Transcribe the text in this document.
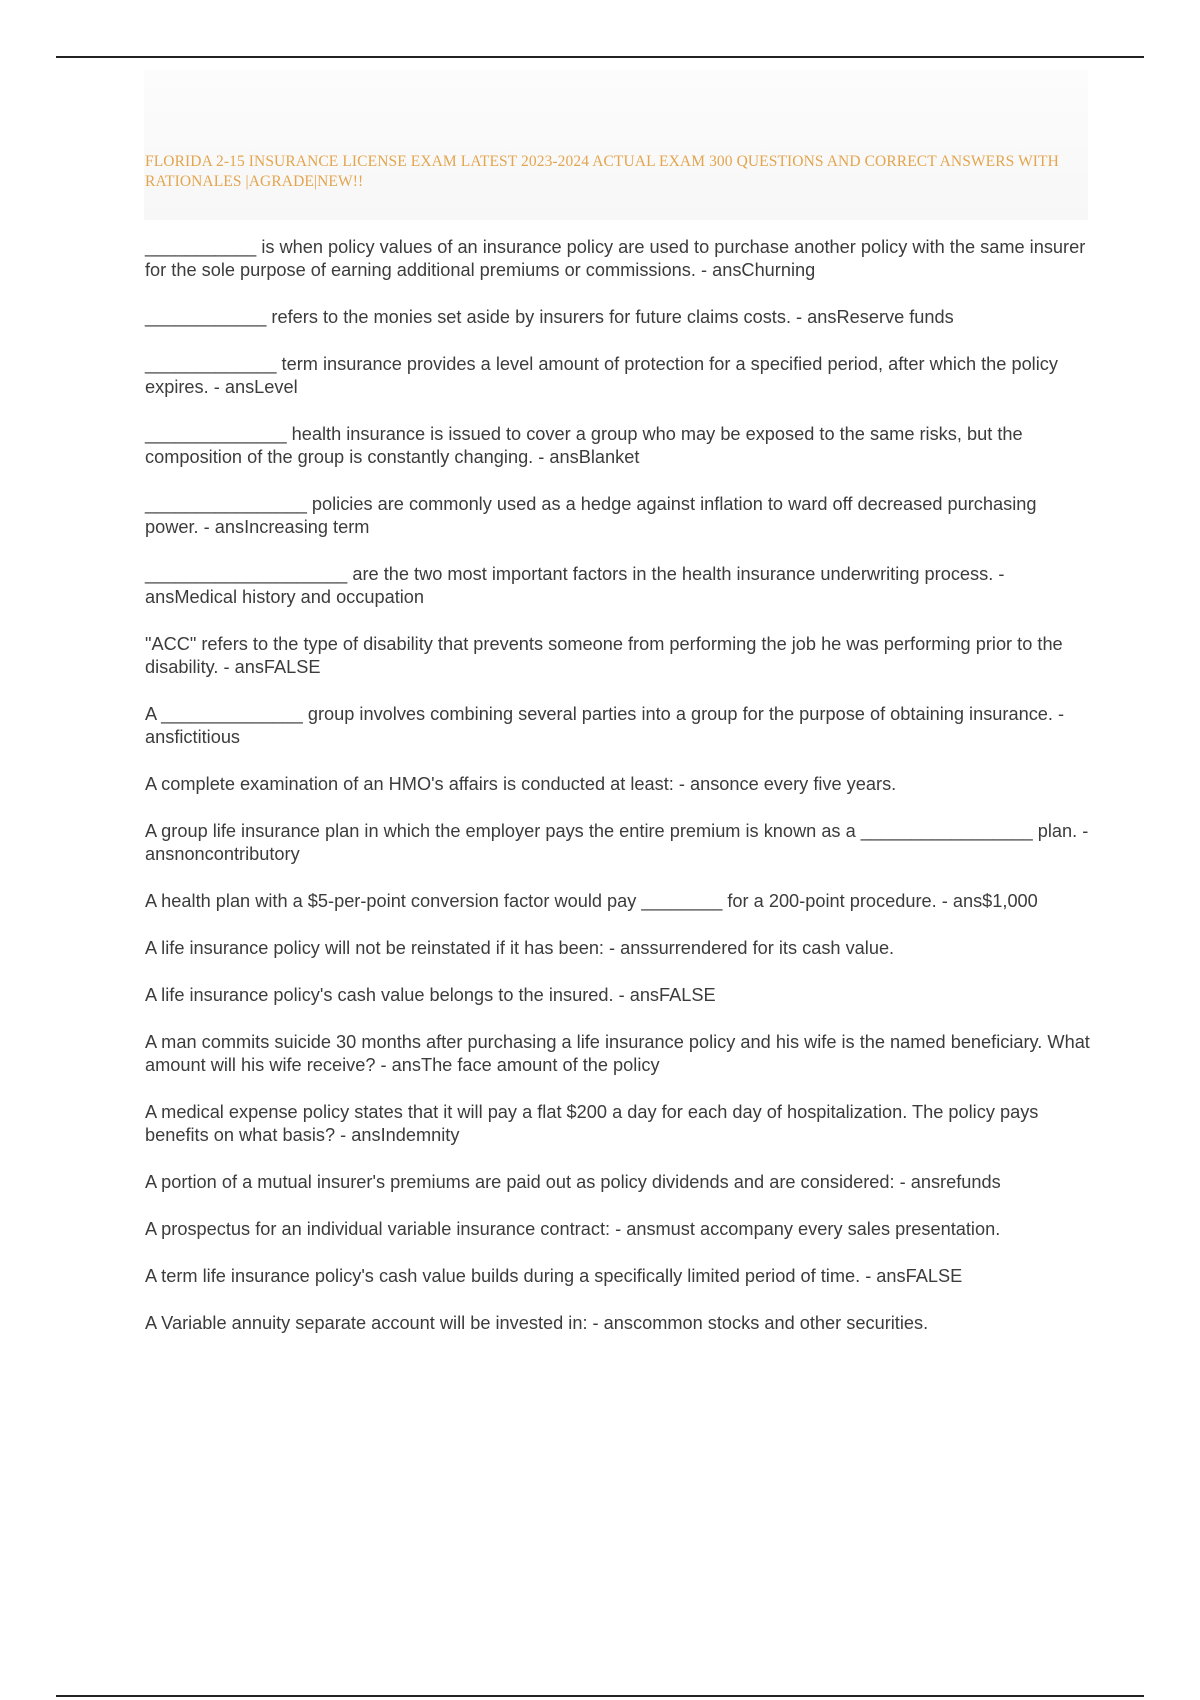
FLORIDA 2-15 INSURANCE LICENSE EXAM LATEST 2023-2024 ACTUAL EXAM 300 QUESTIONS AND CORRECT ANSWERS WITH RATIONALES |AGRADE|NEW!!
___________ is when policy values of an insurance policy are used to purchase another policy with the same insurer for the sole purpose of earning additional premiums or commissions. - ansChurning
____________ refers to the monies set aside by insurers for future claims costs. - ansReserve funds
_____________ term insurance provides a level amount of protection for a specified period, after which the policy expires. - ansLevel
______________ health insurance is issued to cover a group who may be exposed to the same risks, but the composition of the group is constantly changing. - ansBlanket
________________ policies are commonly used as a hedge against inflation to ward off decreased purchasing power. - ansIncreasing term
____________________ are the two most important factors in the health insurance underwriting process. - ansMedical history and occupation
"ACC" refers to the type of disability that prevents someone from performing the job he was performing prior to the disability. - ansFALSE
A ______________ group involves combining several parties into a group for the purpose of obtaining insurance. - ansfictitious
A complete examination of an HMO's affairs is conducted at least: - ansonce every five years.
A group life insurance plan in which the employer pays the entire premium is known as a _________________ plan. - ansnoncontributory
A health plan with a $5-per-point conversion factor would pay ________ for a 200-point procedure. - ans$1,000
A life insurance policy will not be reinstated if it has been: - anssurrendered for its cash value.
A life insurance policy's cash value belongs to the insured. - ansFALSE
A man commits suicide 30 months after purchasing a life insurance policy and his wife is the named beneficiary. What amount will his wife receive? - ansThe face amount of the policy
A medical expense policy states that it will pay a flat $200 a day for each day of hospitalization. The policy pays benefits on what basis? - ansIndemnity
A portion of a mutual insurer's premiums are paid out as policy dividends and are considered: - ansrefunds
A prospectus for an individual variable insurance contract: - ansmust accompany every sales presentation.
A term life insurance policy's cash value builds during a specifically limited period of time. - ansFALSE
A Variable annuity separate account will be invested in: - anscommon stocks and other securities.
